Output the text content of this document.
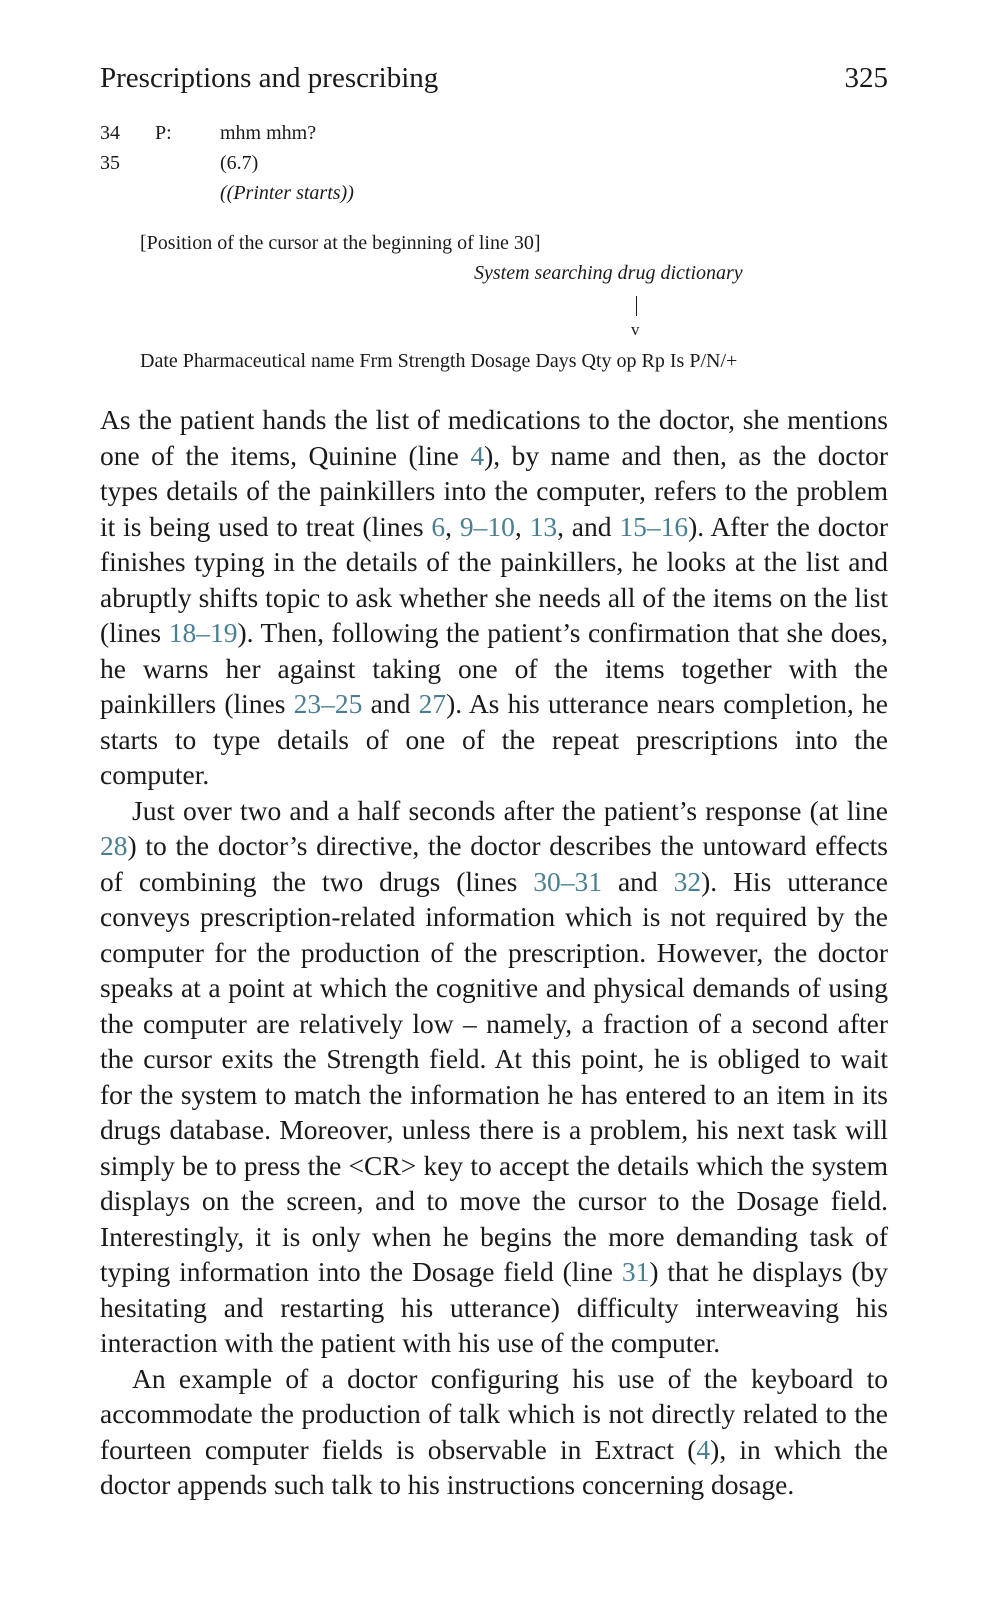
Prescriptions and prescribing	325
34 P: mhm mhm?
35	(6.7)
((Printer starts))
[Position of the cursor at the beginning of line 30]
System searching drug dictionary
v
Date Pharmaceutical name Frm Strength Dosage Days Qty op Rp Is P/N/+

As the patient hands the list of medications to the doctor, she mentions one of the items, Quinine (line 4), by name and then, as the doctor types details of the painkillers into the computer, refers to the problem it is being used to treat (lines 6, 9–10, 13, and 15–16). After the doctor finishes typing in the details of the painkillers, he looks at the list and abruptly shifts topic to ask whether she needs all of the items on the list (lines 18–19). Then, following the patient’s confirmation that she does, he warns her against taking one of the items together with the painkillers (lines 23–25 and 27). As his utterance nears completion, he starts to type details of one of the repeat prescriptions into the computer.

Just over two and a half seconds after the patient’s response (at line 28) to the doctor’s directive, the doctor describes the untoward effects of combining the two drugs (lines 30–31 and 32). His utterance conveys prescription-related information which is not required by the computer for the production of the prescription. However, the doctor speaks at a point at which the cognitive and physical demands of using the computer are relatively low – namely, a fraction of a second after the cursor exits the Strength field. At this point, he is obliged to wait for the system to match the information he has entered to an item in its drugs database. Moreover, unless there is a problem, his next task will simply be to press the <CR> key to accept the details which the system displays on the screen, and to move the cursor to the Dosage field. Interestingly, it is only when he begins the more demanding task of typing information into the Dosage field (line 31) that he displays (by hesitating and restarting his utterance) difficulty interweaving his interaction with the patient with his use of the computer.

An example of a doctor configuring his use of the keyboard to accommodate the production of talk which is not directly related to the fourteen computer fields is observable in Extract (4), in which the doctor appends such talk to his instructions concerning dosage.
